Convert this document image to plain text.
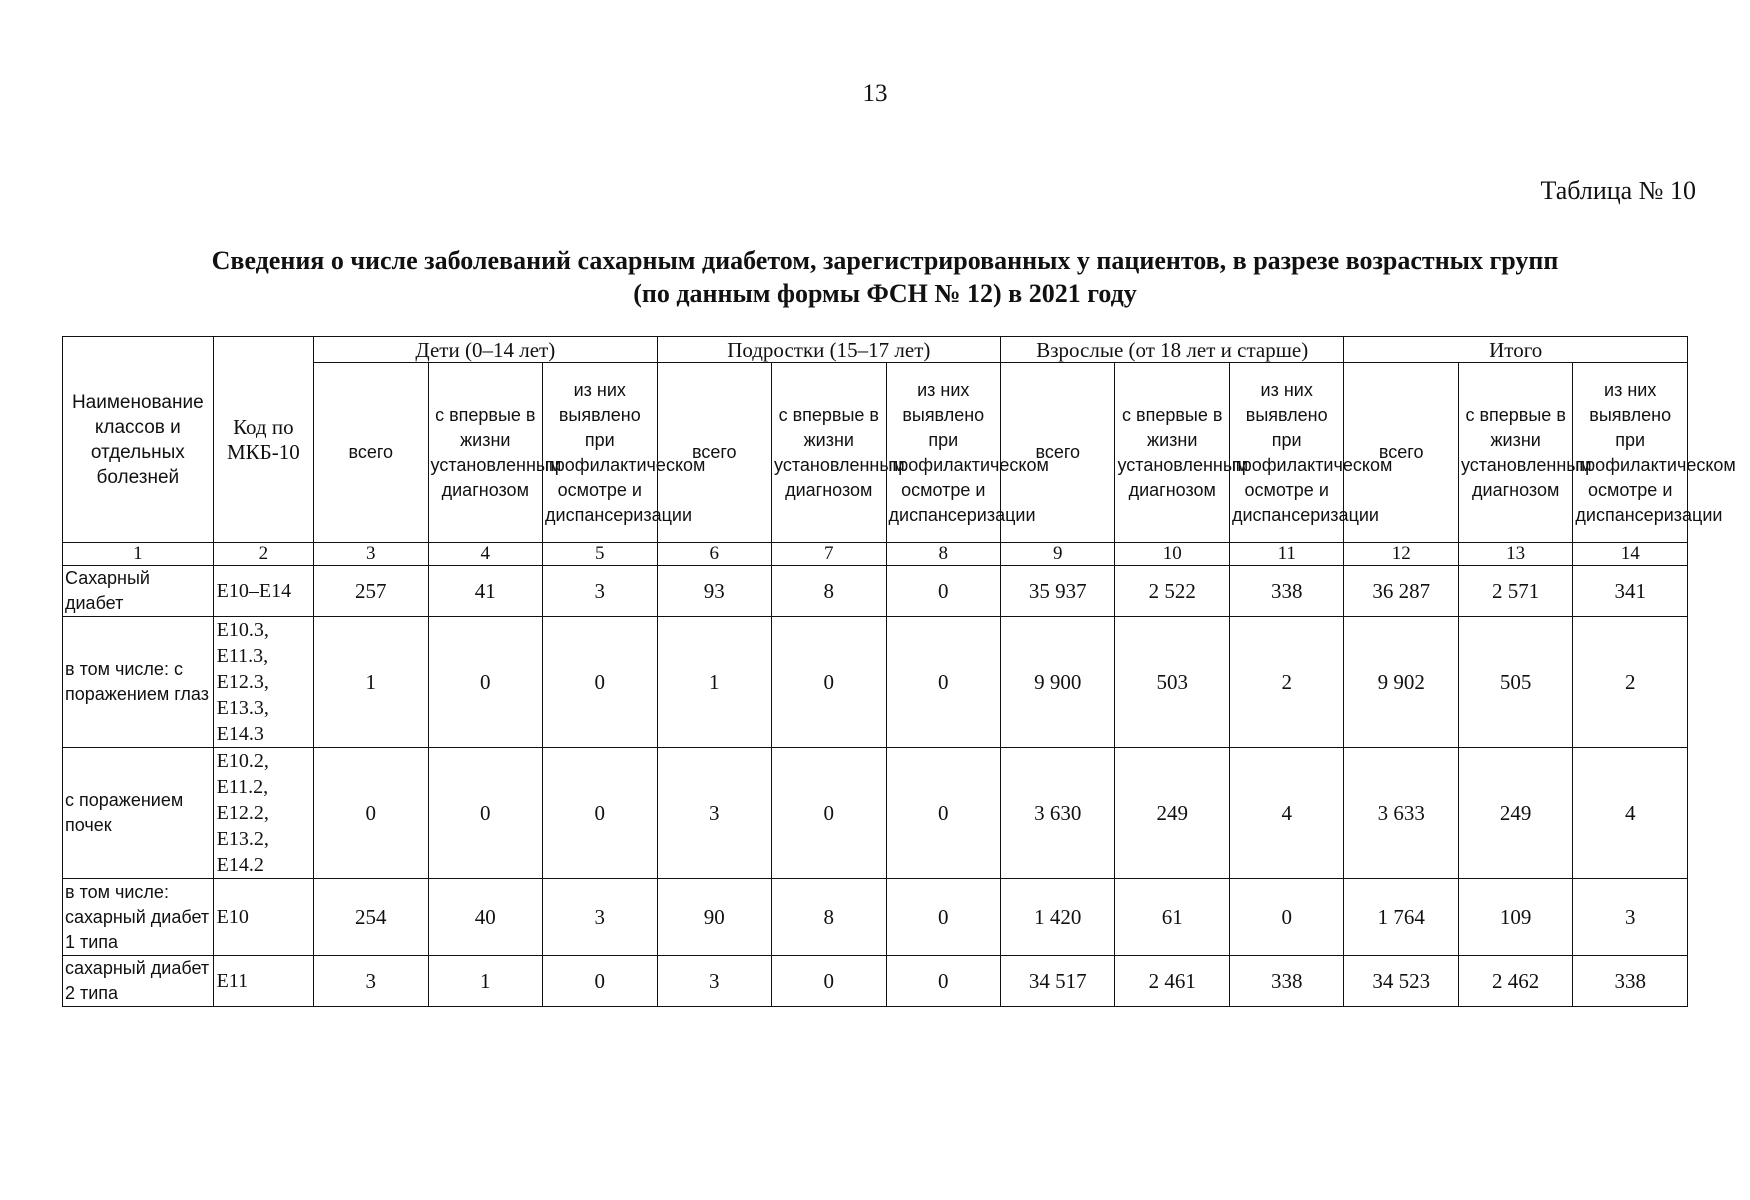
13
Таблица № 10
Сведения о числе заболеваний сахарным диабетом, зарегистрированных у пациентов, в разрезе возрастных групп
(по данным формы ФСН № 12) в 2021 году
Наименование классов и отдельных болезней	Код по МКБ-10	Дети (0–14 лет)			Подростки (15–17 лет)			Взрослые (от 18 лет и старше)			Итого		
		всего	с впервые в жизни установленным диагнозом	из них выявлено при профилактическом осмотре и диспансеризации	всего	с впервые в жизни установленным диагнозом	из них выявлено при профилактическом осмотре и диспансеризации	всего	с впервые в жизни установленным диагнозом	из них выявлено при профилактическом осмотре и диспансеризации	всего	с впервые в жизни установленным диагнозом	из них выявлено при профилактическом осмотре и диспансеризации
1	2	3	4	5	6	7	8	9	10	11	12	13	14
Сахарный диабет	E10–E14	257	41	3	93	8	0	35 937	2 522	338	36 287	2 571	341
в том числе: с поражением глаз	E10.3, E11.3, E12.3, E13.3, E14.3	1	0	0	1	0	0	9 900	503	2	9 902	505	2
с поражением почек	E10.2, E11.2, E12.2, E13.2, E14.2	0	0	0	3	0	0	3 630	249	4	3 633	249	4
в том числе: сахарный диабет 1 типа	E10	254	40	3	90	8	0	1 420	61	0	1 764	109	3
сахарный диабет 2 типа	E11	3	1	0	3	0	0	34 517	2 461	338	34 523	2 462	338
